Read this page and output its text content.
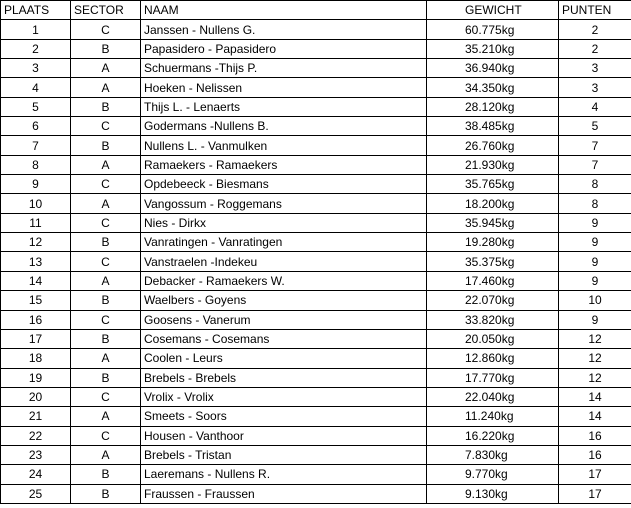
PLAATS	SECTOR	NAAM	GEWICHT	PUNTEN
1	C	Janssen - Nullens G.	60.775kg	2
2	B	Papasidero - Papasidero	35.210kg	2
3	A	Schuermans -Thijs P.	36.940kg	3
4	A	Hoeken - Nelissen	34.350kg	3
5	B	Thijs L. - Lenaerts	28.120kg	4
6	C	Godermans -Nullens B.	38.485kg	5
7	B	Nullens L. - Vanmulken	26.760kg	7
8	A	Ramaekers - Ramaekers	21.930kg	7
9	C	Opdebeeck - Biesmans	35.765kg	8
10	A	Vangossum - Roggemans	18.200kg	8
11	C	Nies - Dirkx	35.945kg	9
12	B	Vanratingen - Vanratingen	19.280kg	9
13	C	Vanstraelen -Indekeu	35.375kg	9
14	A	Debacker - Ramaekers W.	17.460kg	9
15	B	Waelbers - Goyens	22.070kg	10
16	C	Goosens - Vanerum	33.820kg	9
17	B	Cosemans - Cosemans	20.050kg	12
18	A	Coolen - Leurs	12.860kg	12
19	B	Brebels - Brebels	17.770kg	12
20	C	Vrolix - Vrolix	22.040kg	14
21	A	Smeets - Soors	11.240kg	14
22	C	Housen - Vanthoor	16.220kg	16
23	A	Brebels - Tristan	7.830kg	16
24	B	Laeremans - Nullens R.	9.770kg	17
25	B	Fraussen - Fraussen	9.130kg	17
